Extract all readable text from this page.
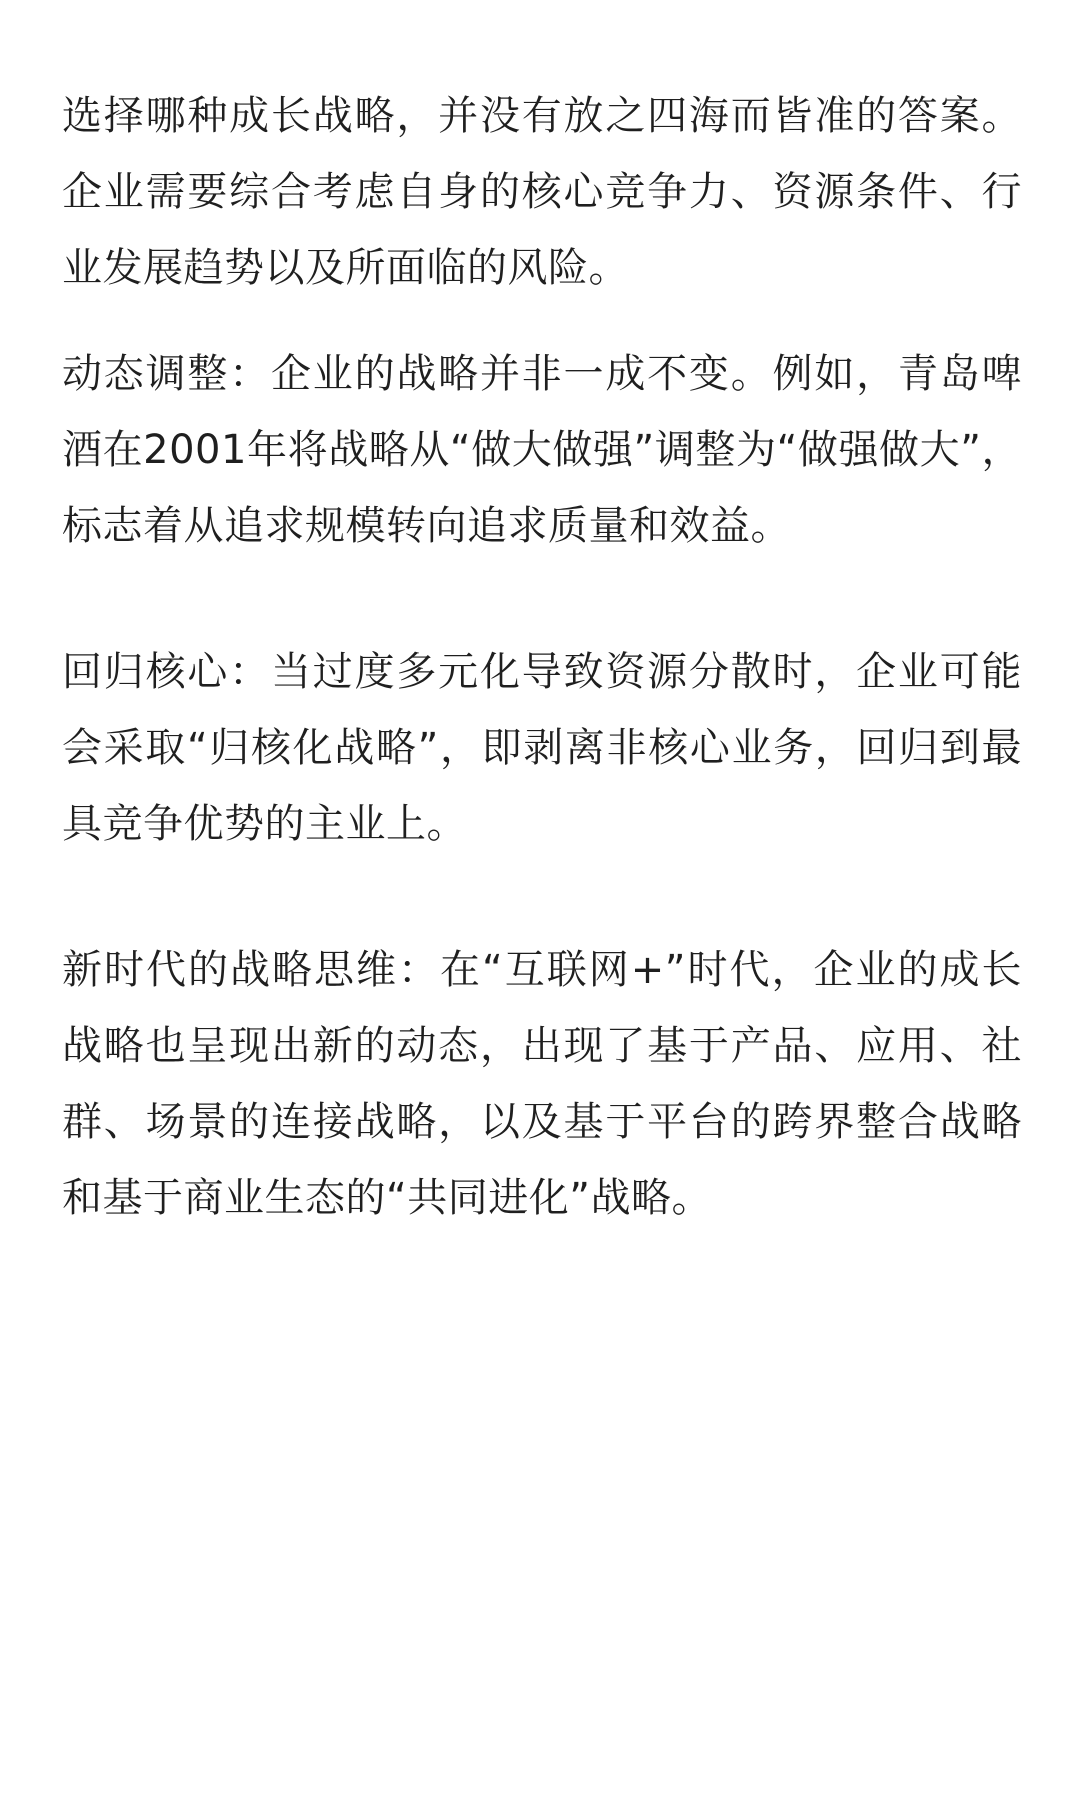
选择哪种成长战略，并没有放之四海而皆准的答案。企业需要综合考虑自身的核心竞争力、资源条件、行业发展趋势以及所面临的风险。

动态调整：企业的战略并非一成不变。例如，青岛啤酒在2001年将战略从“做大做强”调整为“做强做大”，标志着从追求规模转向追求质量和效益。

回归核心：当过度多元化导致资源分散时，企业可能会采取“归核化战略”，即剥离非核心业务，回归到最具竞争优势的主业上。

新时代的战略思维：在“互联网+”时代，企业的成长战略也呈现出新的动态，出现了基于产品、应用、社群、场景的连接战略，以及基于平台的跨界整合战略和基于商业生态的“共同进化”战略。
